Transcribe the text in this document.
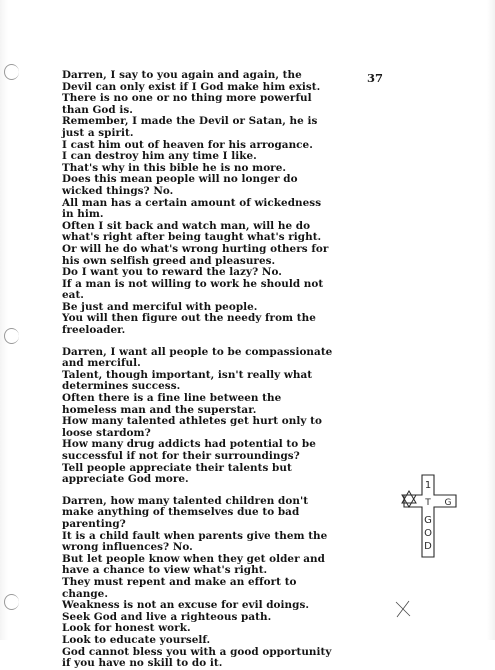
37
Darren, I say to you again and again, the
Devil can only exist if I God make him exist.
There is no one or no thing more powerful
than God is.
Remember, I made the Devil or Satan, he is
just a spirit.
I cast him out of heaven for his arrogance.
I can destroy him any time I like.
That's why in this bible he is no more.
Does this mean people will no longer do
wicked things? No.
All man has a certain amount of wickedness
in him.
Often I sit back and watch man, will he do
what's right after being taught what's right.
Or will he do what's wrong hurting others for
his own selfish greed and pleasures.
Do I want you to reward the lazy? No.
If a man is not willing to work he should not
eat.
Be just and merciful with people.
You will then figure out the needy from the
freeloader.
Darren, I want all people to be compassionate
and merciful.
Talent, though important, isn't really what
determines success.
Often there is a fine line between the
homeless man and the superstar.
How many talented athletes get hurt only to
loose stardom?
How many drug addicts had potential to be
successful if not for their surroundings?
Tell people appreciate their talents but
appreciate God more.
Darren, how many talented children don't
make anything of themselves due to bad
parenting?
It is a child fault when parents give them the
wrong influences? No.
But let people know when they get older and
have a chance to view what's right.
They must repent and make an effort to
change.
Weakness is not an excuse for evil doings.
Seek God and live a righteous path.
Look for honest work.
Look to educate yourself.
God cannot bless you with a good opportunity
if you have no skill to do it.
1
T G
G
O
D
